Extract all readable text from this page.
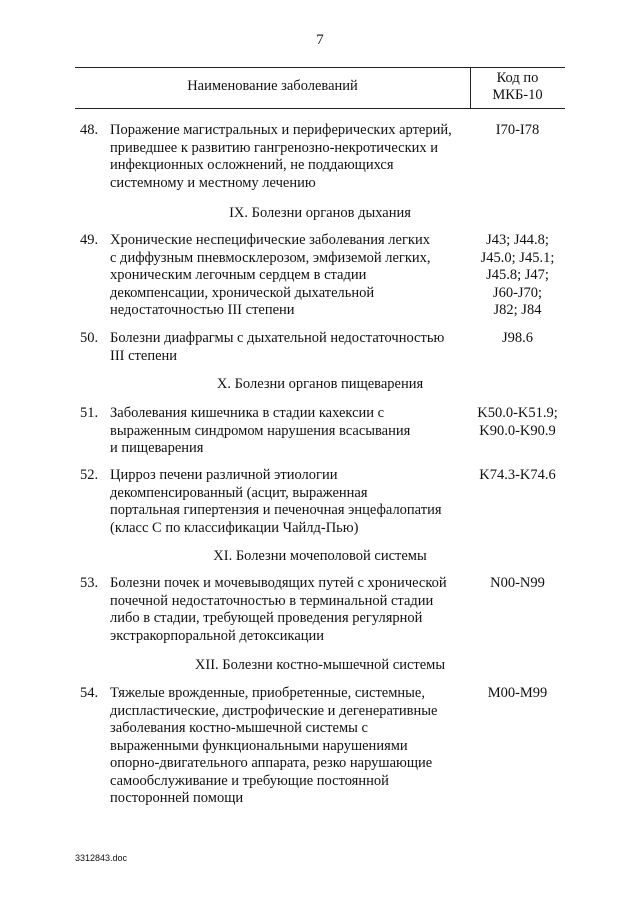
7
Наименование заболеваний	Код по
МКБ-10
48. Поражение магистральных и периферических артерий,
приведшее к развитию гангренозно-некротических и
инфекционных осложнений, не поддающихся
системному и местному лечению
I70-I78
IX. Болезни органов дыхания
49. Хронические неспецифические заболевания легких
с диффузным пневмосклерозом, эмфиземой легких,
хроническим легочным сердцем в стадии
декомпенсации, хронической дыхательной
недостаточностью III степени
J43; J44.8;
J45.0; J45.1;
J45.8; J47;
J60-J70;
J82; J84
50. Болезни диафрагмы с дыхательной недостаточностью
III степени
J98.6
X. Болезни органов пищеварения
51. Заболевания кишечника в стадии кахексии с
выраженным синдромом нарушения всасывания
и пищеварения
K50.0-K51.9;
K90.0-K90.9
52. Цирроз печени различной этиологии
декомпенсированный (асцит, выраженная
портальная гипертензия и печеночная энцефалопатия
(класс С по классификации Чайлд-Пью)
K74.3-K74.6
XI. Болезни мочеполовой системы
53. Болезни почек и мочевыводящих путей с хронической
почечной недостаточностью в терминальной стадии
либо в стадии, требующей проведения регулярной
экстракорпоральной детоксикации
N00-N99
XII. Болезни костно-мышечной системы
54. Тяжелые врожденные, приобретенные, системные,
диспластические, дистрофические и дегенеративные
заболевания костно-мышечной системы с
выраженными функциональными нарушениями
опорно-двигательного аппарата, резко нарушающие
самообслуживание и требующие постоянной
посторонней помощи
M00-M99
3312843.doc
